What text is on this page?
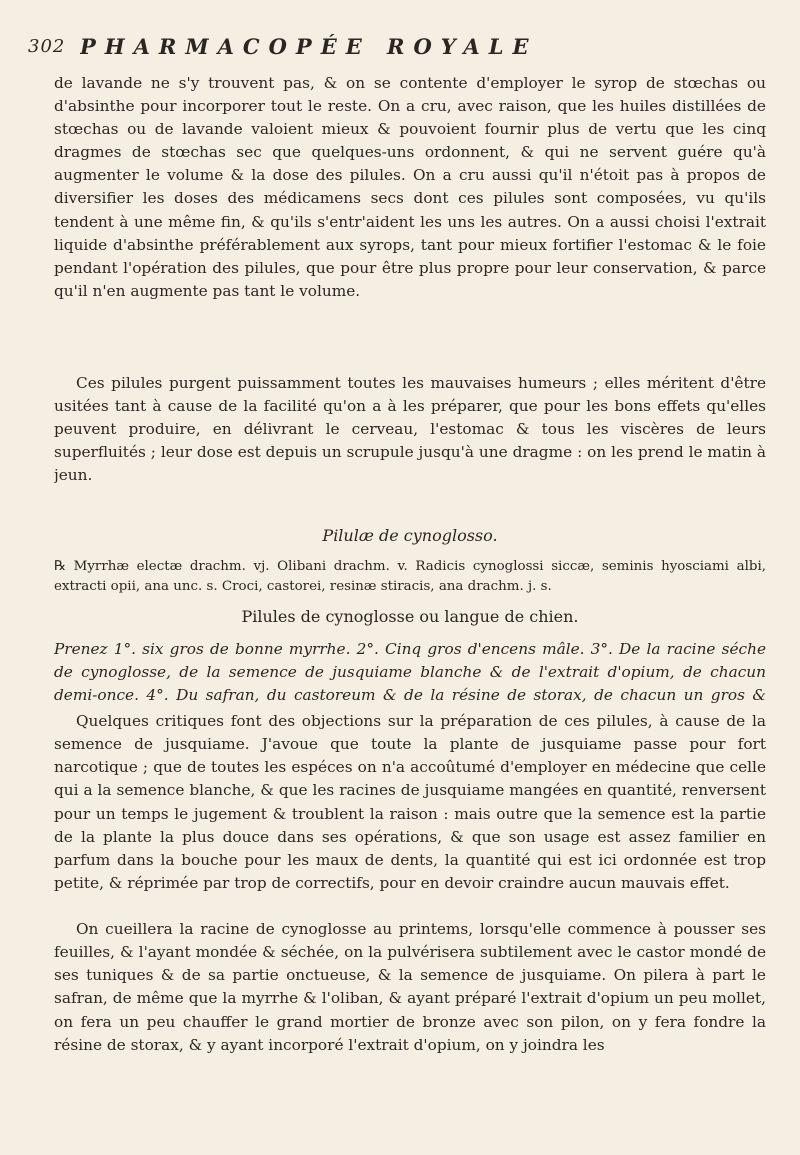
302 PHARMACOPÉE ROYALE

de lavande ne s'y trouvent pas, & on se contente d'employer le syrop de stœchas ou d'absinthe pour incorporer tout le reste. On a cru, avec raison, que les huiles distillées de stœchas ou de lavande valoient mieux & pouvoient fournir plus de vertu que les cinq dragmes de stœchas sec que quelques-uns ordonnent, & qui ne servent guére qu'à augmenter le volume & la dose des pilules. On a cru aussi qu'il n'étoit pas à propos de diversifier les doses des médicamens secs dont ces pilules sont composées, vu qu'ils tendent à une même fin, & qu'ils s'entr'aident les uns les autres. On a aussi choisi l'extrait liquide d'absinthe préférablement aux syrops, tant pour mieux fortifier l'estomac & le foie pendant l'opération des pilules, que pour être plus propre pour leur conservation, & parce qu'il n'en augmente pas tant le volume.

Ces pilules purgent puissamment toutes les mauvaises humeurs ; elles méritent d'être usitées tant à cause de la facilité qu'on a à les préparer, que pour les bons effets qu'elles peuvent produire, en délivrant le cerveau, l'estomac & tous les viscères de leurs superfluités ; leur dose est depuis un scrupule jusqu'à une dragme : on les prend le matin à jeun.

Pilulæ de cynoglosso.

℞ Myrrhæ electæ drachm. vj. Olibani drachm. v. Radicis cynoglossi siccæ, seminis hyosciami albi, extracti opii, ana unc. s. Croci, castorei, resinæ stiracis, ana drachm. j. s.

Pilules de cynoglosse ou langue de chien.

Prenez 1°. six gros de bonne myrrhe. 2°. Cinq gros d'encens mâle. 3°. De la racine séche de cynoglosse, de la semence de jusquiame blanche & de l'extrait d'opium, de chacun demi-once. 4°. Du safran, du castoreum & de la résine de storax, de chacun un gros &

Quelques critiques font des objections sur la préparation de ces pilules, à cause de la semence de jusquiame. J'avoue que toute la plante de jusquiame passe pour fort narcotique ; que de toutes les espéces on n'a accoûtumé d'employer en médecine que celle qui a la semence blanche, & que les racines de jusquiame mangées en quantité, renversent pour un temps le jugement & troublent la raison : mais outre que la semence est la partie de la plante la plus douce dans ses opérations, & que son usage est assez familier en parfum dans la bouche pour les maux de dents, la quantité qui est ici ordonnée est trop petite, & réprimée par trop de correctifs, pour en devoir craindre aucun mauvais effet.

On cueillera la racine de cynoglosse au printems, lorsqu'elle commence à pousser ses feuilles, & l'ayant mondée & séchée, on la pulvérisera subtilement avec le castor mondé de ses tuniques & de sa partie onctueuse, & la semence de jusquiame. On pilera à part le safran, de même que la myrrhe & l'oliban, & ayant préparé l'extrait d'opium un peu mollet, on fera un peu chauffer le grand mortier de bronze avec son pilon, on y fera fondre la résine de storax, & y ayant incorporé l'extrait d'opium, on y joindra les
